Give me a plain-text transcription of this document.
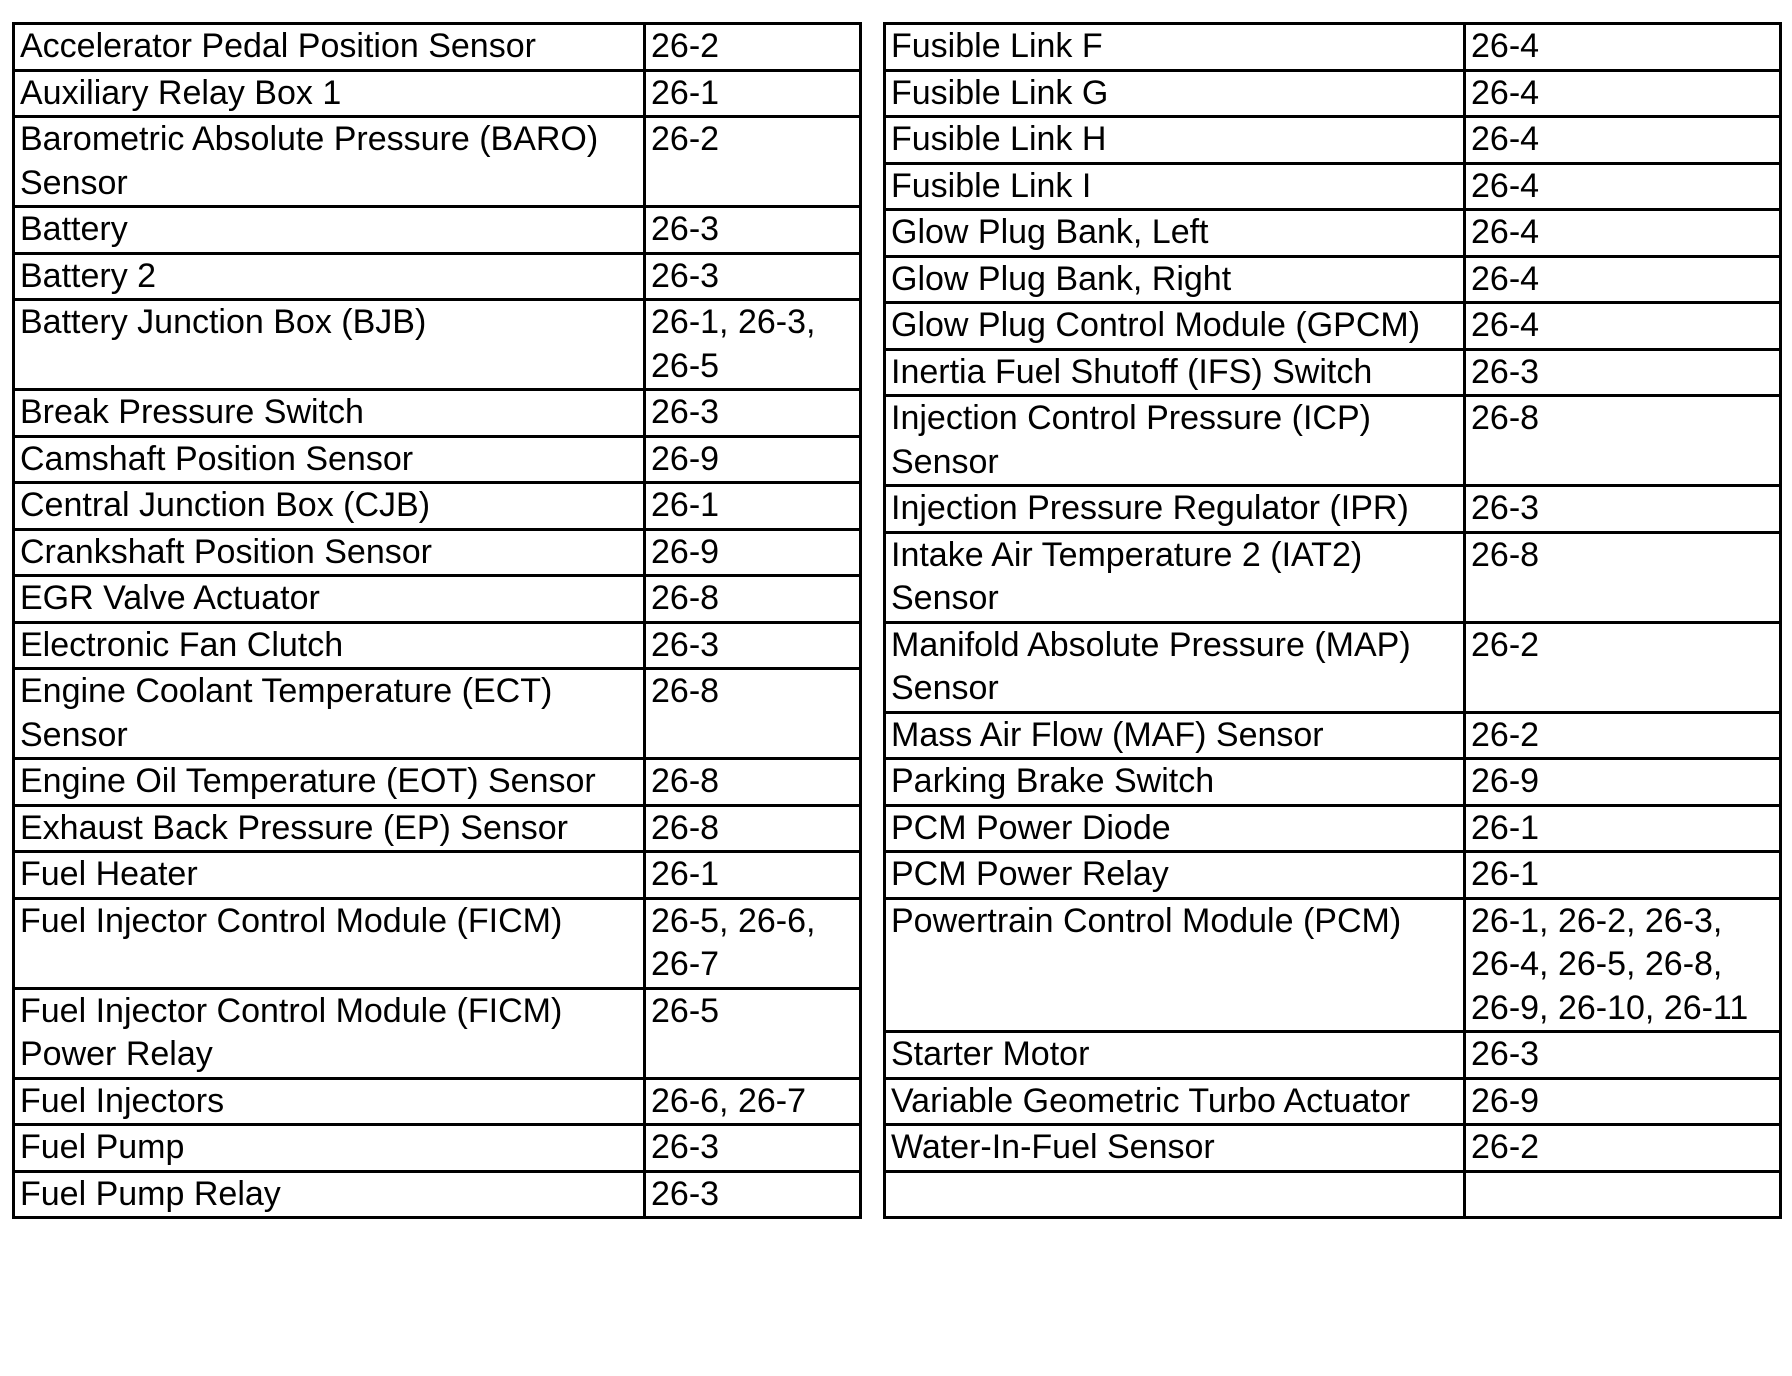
Accelerator Pedal Position Sensor	26-2
Auxiliary Relay Box 1	26-1
Barometric Absolute Pressure (BARO) Sensor	26-2
Battery	26-3
Battery 2	26-3
Battery Junction Box (BJB)	26-1, 26-3, 26-5
Break Pressure Switch	26-3
Camshaft Position Sensor	26-9
Central Junction Box (CJB)	26-1
Crankshaft Position Sensor	26-9
EGR Valve Actuator	26-8
Electronic Fan Clutch	26-3
Engine Coolant Temperature (ECT) Sensor	26-8
Engine Oil Temperature (EOT) Sensor	26-8
Exhaust Back Pressure (EP) Sensor	26-8
Fuel Heater	26-1
Fuel Injector Control Module (FICM)	26-5, 26-6, 26-7
Fuel Injector Control Module (FICM) Power Relay	26-5
Fuel Injectors	26-6, 26-7
Fuel Pump	26-3
Fuel Pump Relay	26-3
Fusible Link F	26-4
Fusible Link G	26-4
Fusible Link H	26-4
Fusible Link I	26-4
Glow Plug Bank, Left	26-4
Glow Plug Bank, Right	26-4
Glow Plug Control Module (GPCM)	26-4
Inertia Fuel Shutoff (IFS) Switch	26-3
Injection Control Pressure (ICP) Sensor	26-8
Injection Pressure Regulator (IPR)	26-3
Intake Air Temperature 2 (IAT2) Sensor	26-8
Manifold Absolute Pressure (MAP) Sensor	26-2
Mass Air Flow (MAF) Sensor	26-2
Parking Brake Switch	26-9
PCM Power Diode	26-1
PCM Power Relay	26-1
Powertrain Control Module (PCM)	26-1, 26-2, 26-3, 26-4, 26-5, 26-8, 26-9, 26-10, 26-11
Starter Motor	26-3
Variable Geometric Turbo Actuator	26-9
Water-In-Fuel Sensor	26-2
